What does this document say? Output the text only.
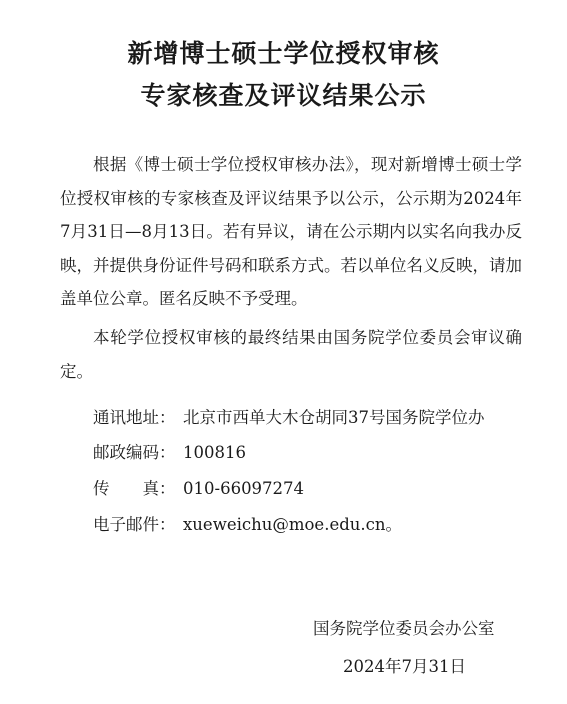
新增博士硕士学位授权审核
专家核查及评议结果公示

根据《博士硕士学位授权审核办法》，现对新增博士硕士学位授权审核的专家核查及评议结果予以公示，公示期为2024年7月31日—8月13日。若有异议，请在公示期内以实名向我办反映，并提供身份证件号码和联系方式。若以单位名义反映，请加盖单位公章。匿名反映不予受理。

本轮学位授权审核的最终结果由国务院学位委员会审议确定。

通讯地址： 北京市西单大木仓胡同37号国务院学位办

邮政编码： 100816

传　　真： 010-66097274

电子邮件： xueweichu@moe.edu.cn。

国务院学位委员会办公室

2024年7月31日
